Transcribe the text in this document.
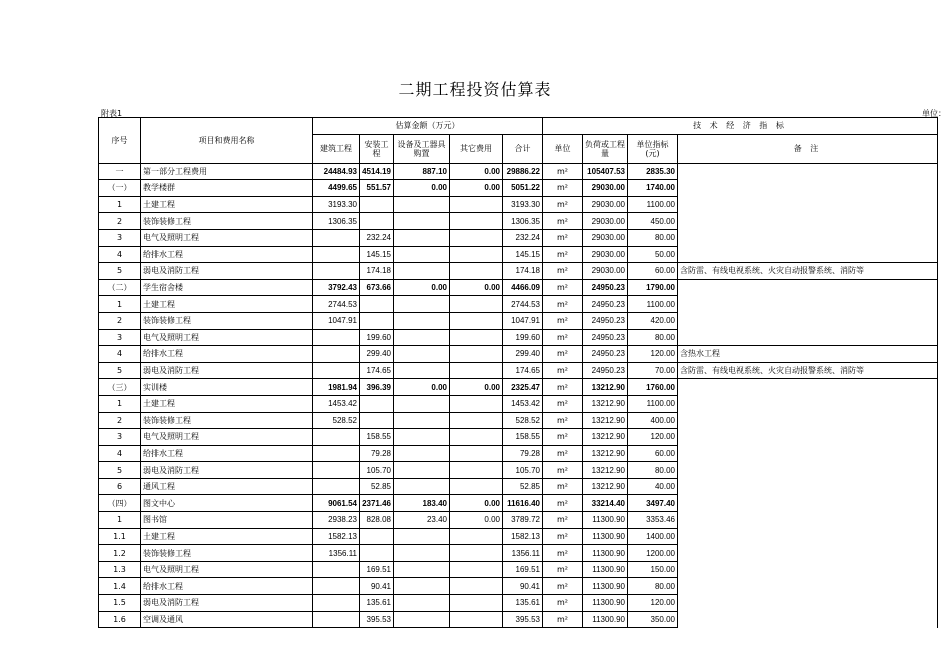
二期工程投资估算表
附表1	单位：
序号	项目和费用名称	估算金额（万元）					技 术 经 济 指 标			
		建筑工程	安装工程	设备及工器具购置	其它费用	合计	单位	负荷或工程量	单位指标(元)	备 注
一	第一部分工程费用	24484.93	4514.19	887.10	0.00	29886.22	m²	105407.53	2835.30	
（一）	教学楼群	4499.65	551.57	0.00	0.00	5051.22	m²	29030.00	1740.00	
1	土建工程	3193.30				3193.30	m²	29030.00	1100.00	
2	装饰装修工程	1306.35				1306.35	m²	29030.00	450.00	
3	电气及照明工程		232.24			232.24	m²	29030.00	80.00	
4	给排水工程		145.15			145.15	m²	29030.00	50.00	
5	弱电及消防工程		174.18			174.18	m²	29030.00	60.00	含防雷、有线电视系统、火灾自动报警系统、消防等
（二）	学生宿舍楼	3792.43	673.66	0.00	0.00	4466.09	m²	24950.23	1790.00	
1	土建工程	2744.53				2744.53	m²	24950.23	1100.00	
2	装饰装修工程	1047.91				1047.91	m²	24950.23	420.00	
3	电气及照明工程		199.60			199.60	m²	24950.23	80.00	
4	给排水工程		299.40			299.40	m²	24950.23	120.00	含热水工程
5	弱电及消防工程		174.65			174.65	m²	24950.23	70.00	含防雷、有线电视系统、火灾自动报警系统、消防等
（三）	实训楼	1981.94	396.39	0.00	0.00	2325.47	m²	13212.90	1760.00	
1	土建工程	1453.42				1453.42	m²	13212.90	1100.00	
2	装饰装修工程	528.52				528.52	m²	13212.90	400.00	
3	电气及照明工程		158.55			158.55	m²	13212.90	120.00	
4	给排水工程		79.28			79.28	m²	13212.90	60.00	
5	弱电及消防工程		105.70			105.70	m²	13212.90	80.00	
6	通风工程		52.85			52.85	m²	13212.90	40.00	
（四）	图文中心	9061.54	2371.46	183.40	0.00	11616.40	m²	33214.40	3497.40	
1	图书馆	2938.23	828.08	23.40	0.00	3789.72	m²	11300.90	3353.46	
1.1	土建工程	1582.13				1582.13	m²	11300.90	1400.00	
1.2	装饰装修工程	1356.11				1356.11	m²	11300.90	1200.00	
1.3	电气及照明工程		169.51			169.51	m²	11300.90	150.00	
1.4	给排水工程		90.41			90.41	m²	11300.90	80.00	
1.5	弱电及消防工程		135.61			135.61	m²	11300.90	120.00	
1.6	空调及通风		395.53			395.53	m²	11300.90	350.00	
